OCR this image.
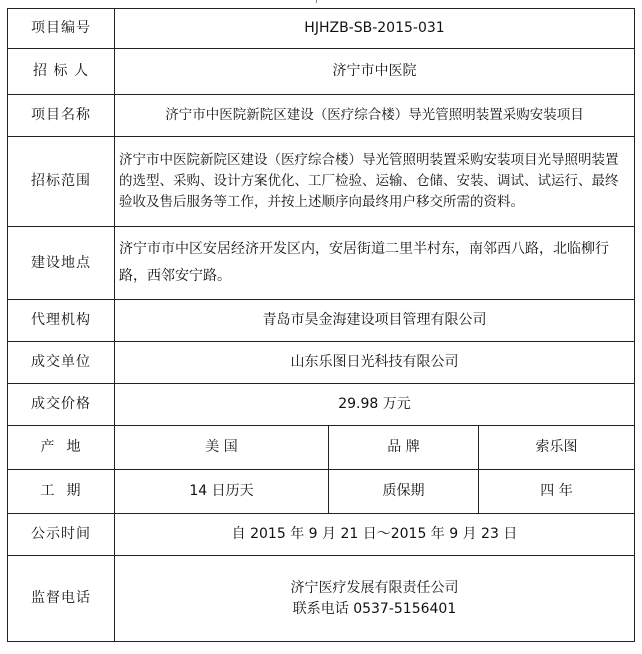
项目编号	HJHZB-SB-2015-031		
招 标 人	济宁市中医院		
项目名称	济宁市中医院新院区建设（医疗综合楼）导光管照明装置采购安装项目		
招标范围	济宁市中医院新院区建设（医疗综合楼）导光管照明装置采购安装项目光导照明装置的选型、采购、设计方案优化、工厂检验、运输、仓储、安装、调试、试运行、最终验收及售后服务等工作，并按上述顺序向最终用户移交所需的资料。		
建设地点	济宁市市中区安居经济开发区内，安居街道二里半村东，南邻西八路，北临柳行路，西邻安宁路。		
代理机构	青岛市昊金海建设项目管理有限公司		
成交单位	山东乐图日光科技有限公司		
成交价格	29.98 万元		
产  地	美 国	品 牌	索乐图
工  期	14 日历天	质保期	四 年
公示时间	自 2015 年 9 月 21 日～2015 年 9 月 23 日		
监督电话	济宁医疗发展有限责任公司
联系电话 0537-5156401		
